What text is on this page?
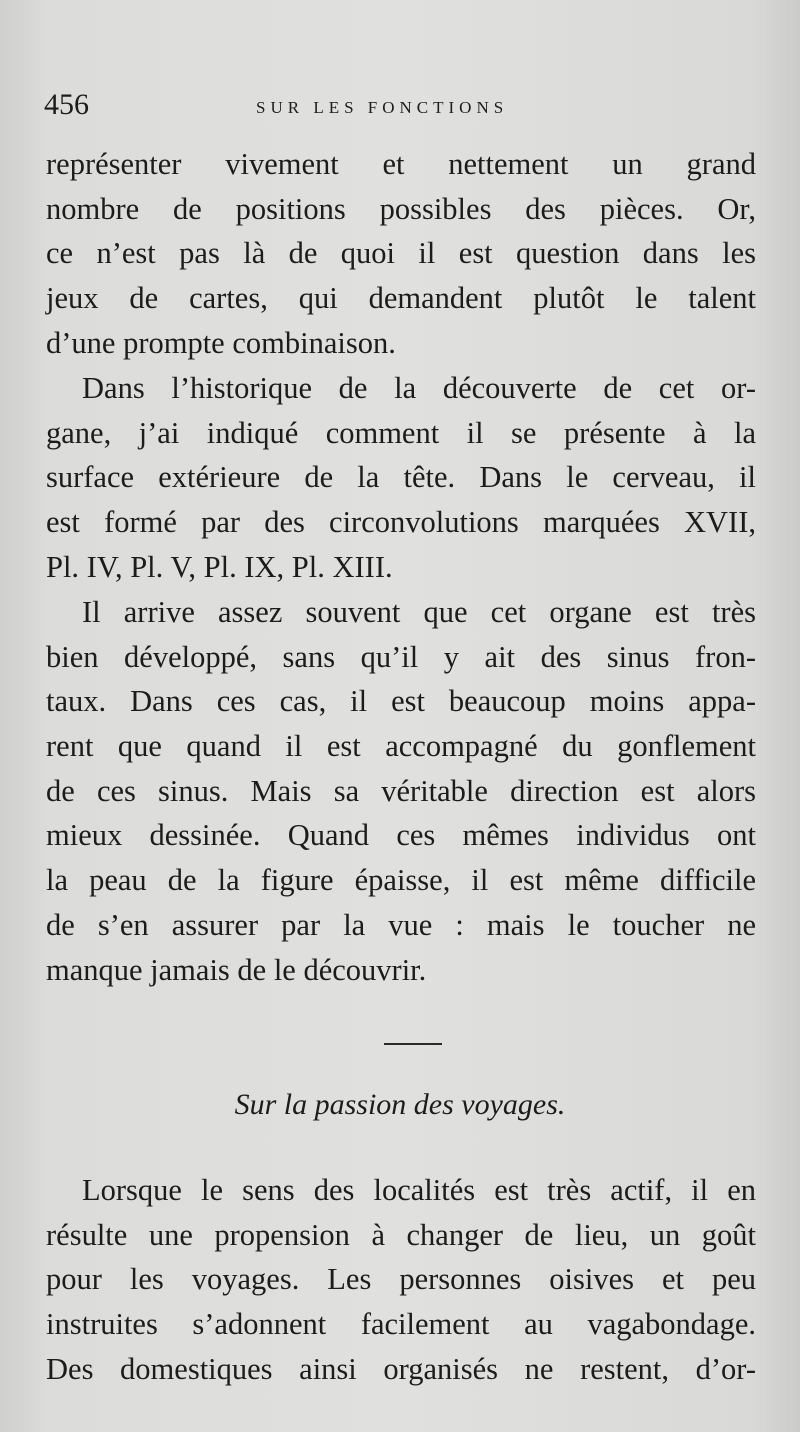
456	SUR LES FONCTIONS
représenter vivement et nettement un grand
nombre de positions possibles des pièces. Or,
ce n’est pas là de quoi il est question dans les
jeux de cartes, qui demandent plutôt le talent
d’une prompte combinaison.
Dans l’historique de la découverte de cet or-
gane, j’ai indiqué comment il se présente à la
surface extérieure de la tête. Dans le cerveau, il
est formé par des circonvolutions marquées XVII,
Pl. IV, Pl. V, Pl. IX, Pl. XIII.
Il arrive assez souvent que cet organe est très
bien développé, sans qu’il y ait des sinus fron-
taux. Dans ces cas, il est beaucoup moins appa-
rent que quand il est accompagné du gonflement
de ces sinus. Mais sa véritable direction est alors
mieux dessinée. Quand ces mêmes individus ont
la peau de la figure épaisse, il est même difficile
de s’en assurer par la vue : mais le toucher ne
manque jamais de le découvrir.
Sur la passion des voyages.
Lorsque le sens des localités est très actif, il en
résulte une propension à changer de lieu, un goût
pour les voyages. Les personnes oisives et peu
instruites s’adonnent facilement au vagabondage.
Des domestiques ainsi organisés ne restent, d’or-
